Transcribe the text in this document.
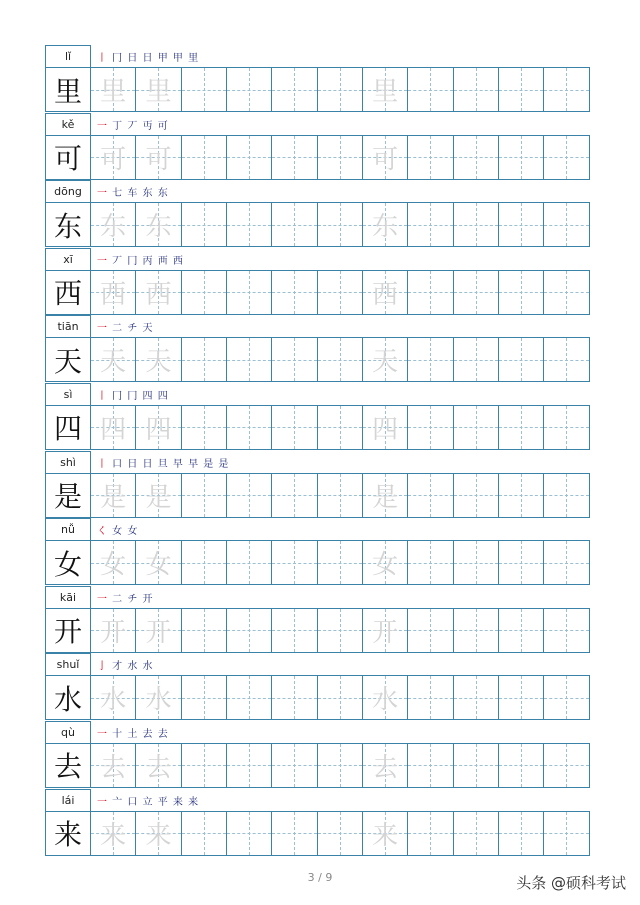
lǐ	丨 冂 日 日 甲 甲 里
里 里 里	里
kě	一 丁 丆 丏 可
可 可 可	可
dōng	一 七 车 东 东
东 东 东	东
xī	一 丆 冂 丙 襾 西
西 西 西	西
tiān	一 二 チ 天
天 天 天	天
sì	丨 冂 冂 四 四
四 四 四	四
shì	丨 口 日 日 旦 早 早 是 是
是 是 是	是
nǚ	く 女 女
女 女 女	女
kāi	一 二 チ 开
开 开 开	开
shuǐ	亅 才 水 水
水 水 水	水
qù	一 十 土 去 去
去 去 去	去
lái	一 亠 口 立 平 来 来
来 来 来	来
3 / 9	头条 @硕科考试
